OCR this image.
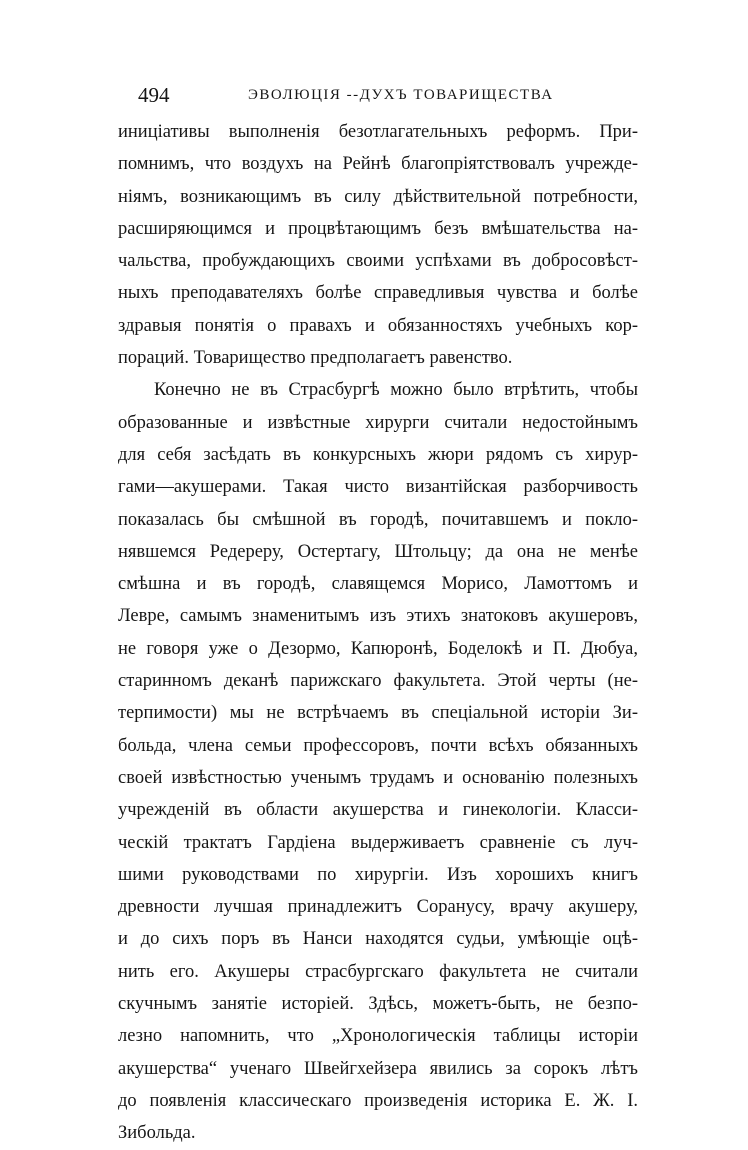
494	ЭВОЛЮЦІЯ --ДУХЪ ТОВАРИЩЕСТВА
иниціативы выполненія безотлагательныхъ реформъ. При-
помнимъ, что воздухъ на Рейнѣ благопріятствовалъ учрежде-
ніямъ, возникающимъ въ силу дѣйствительной потребности,
расширяющимся и процвѣтающимъ безъ вмѣшательства на-
чальства, пробуждающихъ своими успѣхами въ добросовѣст-
ныхъ преподавателяхъ болѣе справедливыя чувства и болѣе
здравыя понятія о правахъ и обязанностяхъ учебныхъ кор-
пораций. Товарищество предполагаетъ равенство.
Конечно не въ Страсбургѣ можно было втрѣтить, чтобы
образованные и извѣстные хирурги считали недостойнымъ
для себя засѣдать въ конкурсныхъ жюри рядомъ съ хирур-
гами—акушерами. Такая чисто византійская разборчивость
показалась бы смѣшной въ городѣ, почитавшемъ и покло-
нявшемся Редереру, Остертагу, Штольцу; да она не менѣе
смѣшна и въ городѣ, славящемся Морисо, Ламоттомъ и
Левре, самымъ знаменитымъ изъ этихъ знатоковъ акушеровъ,
не говоря уже о Дезормо, Капюронѣ, Боделокѣ и П. Дюбуа,
старинномъ деканѣ парижскаго факультета. Этой черты (не-
терпимости) мы не встрѣчаемъ въ спеціальной исторіи Зи-
больда, члена семьи профессоровъ, почти всѣхъ обязанныхъ
своей извѣстностью ученымъ трудамъ и основанію полезныхъ
учрежденій въ области акушерства и гинекологіи. Класси-
ческій трактатъ Гардіена выдерживаетъ сравненіе съ луч-
шими руководствами по хирургіи. Изъ хорошихъ книгъ
древности лучшая принадлежитъ Соранусу, врачу акушеру,
и до сихъ поръ въ Нанси находятся судьи, умѣющіе оцѣ-
нить его. Акушеры страсбургскаго факультета не считали
скучнымъ занятіе исторіей. Здѣсь, можетъ-быть, не безпо-
лезно напомнить, что „Хронологическія таблицы исторіи
акушерства“ ученаго Швейгхейзера явились за сорокъ лѣтъ
до появленія классическаго произведенія историка Е. Ж. І.
Зибольда.
